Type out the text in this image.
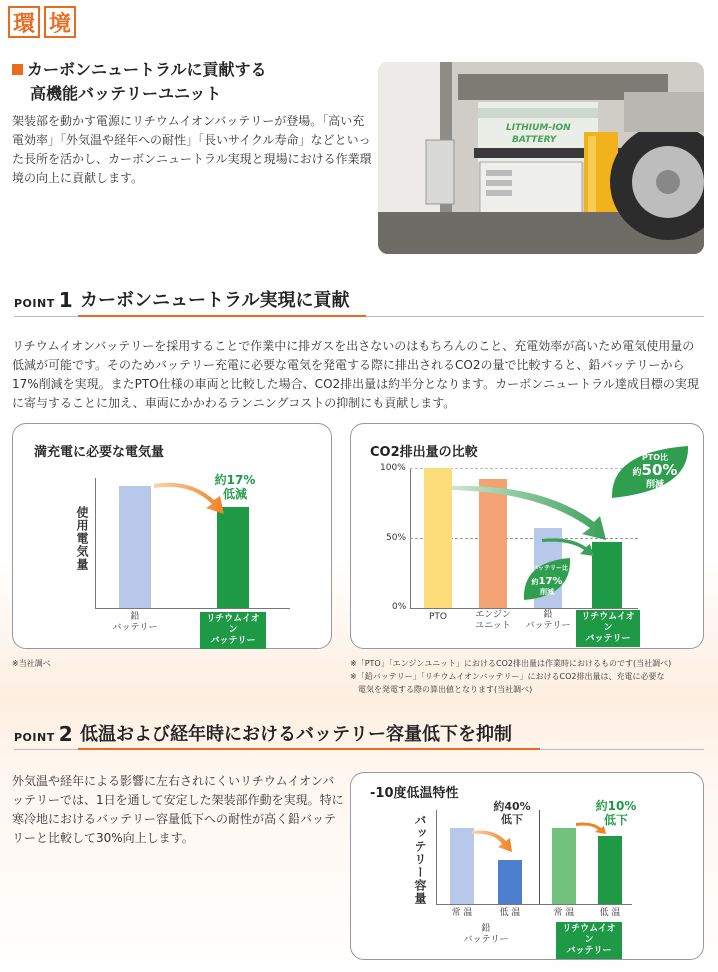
環 境
カーボンニュートラルに貢献する
高機能バッテリーユニット
架装部を動かす電源にリチウムイオンバッテリーが登場。「高い充電効率」「外気温や経年への耐性」「長いサイクル寿命」などといった長所を活かし、カーボンニュートラル実現と現場における作業環境の向上に貢献します。
LITHIUM-ION
BATTERY
POINT 1 カーボンニュートラル実現に貢献
リチウムイオンバッテリーを採用することで作業中に排ガスを出さないのはもちろんのこと、充電効率が高いため電気使用量の低減が可能です。そのためバッテリー充電に必要な電気を発電する際に排出されるCO2の量で比較すると、鉛バッテリーから17%削減を実現。またPTO仕様の車両と比較した場合、CO2排出量は約半分となります。カーボンニュートラル達成目標の実現に寄与することに加え、車両にかかわるランニングコストの抑制にも貢献します。
満充電に必要な電気量
使用電気量
約17%
低減
鉛
バッテリー
リチウムイオン
バッテリー
※当社調べ
CO2排出量の比較
100%
50%
0%
PTO比
約50%
削減
鉛バッテリー比
約17%
削減
PTO	エンジン
ユニット
鉛
バッテリー
リチウムイオン
バッテリー
※「PTO」「エンジンユニット」におけるCO2排出量は作業時におけるものです(当社調べ)
※「鉛バッテリー」「リチウムイオンバッテリー」におけるCO2排出量は、充電に必要な
電気を発電する際の算出値となります(当社調べ)
POINT 2 低温および経年時におけるバッテリー容量低下を抑制
外気温や経年による影響に左右されにくいリチウムイオンバッテリーでは、1日を通して安定した架装部作動を実現。特に寒冷地におけるバッテリー容量低下への耐性が高く鉛バッテリーと比較して30%向上します。
-10度低温特性
バッテリー容量
約40%
低下
約10%
低下
常 温	低 温	常 温	低 温
鉛
バッテリー
リチウムイオン
バッテリー
